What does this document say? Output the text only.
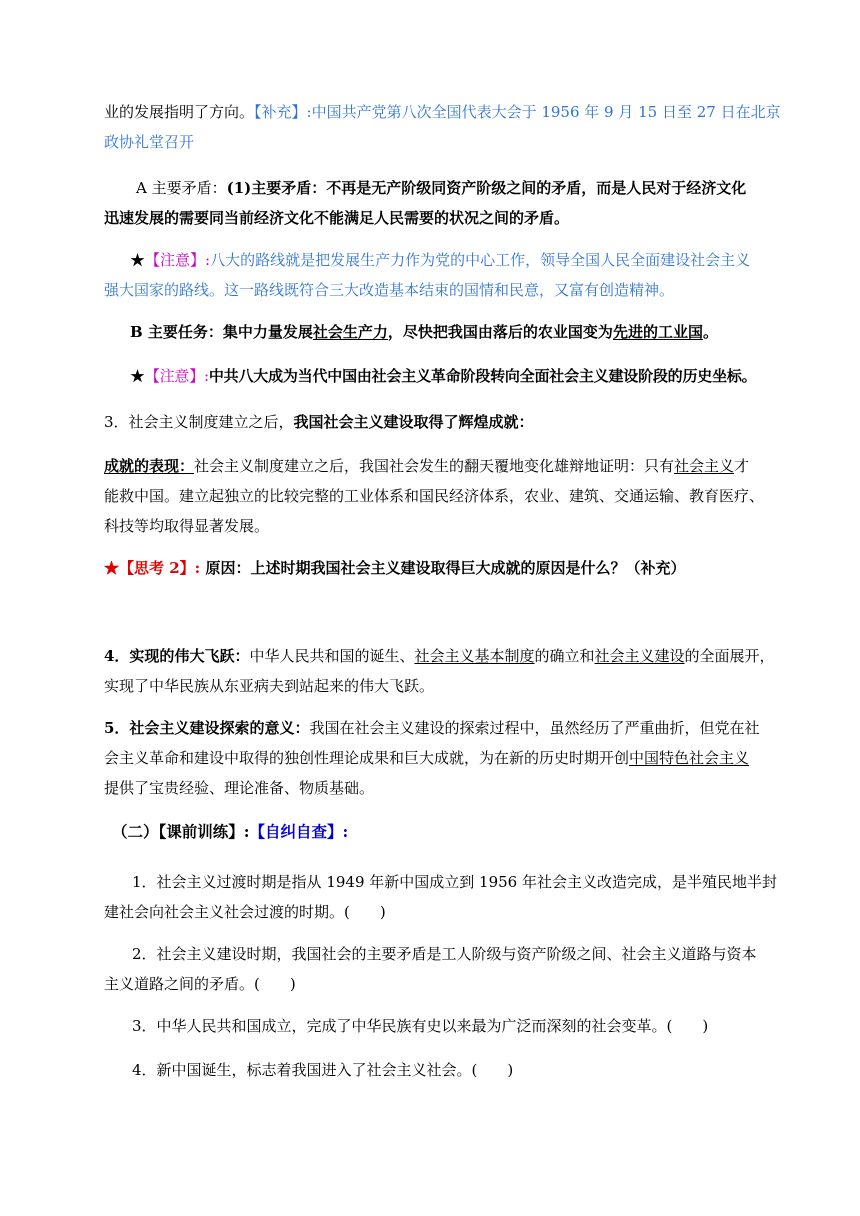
业的发展指明了方向。【补充】:中国共产党第八次全国代表大会于 1956 年 9 月 15 日至 27 日在北京
政协礼堂召开
A 主要矛盾：(1)主要矛盾：不再是无产阶级同资产阶级之间的矛盾，而是人民对于经济文化
迅速发展的需要同当前经济文化不能满足人民需要的状况之间的矛盾。
★【注意】:八大的路线就是把发展生产力作为党的中心工作，领导全国人民全面建设社会主义
强大国家的路线。这一路线既符合三大改造基本结束的国情和民意，又富有创造精神。
B 主要任务：集中力量发展社会生产力，尽快把我国由落后的农业国变为先进的工业国。
★【注意】:中共八大成为当代中国由社会主义革命阶段转向全面社会主义建设阶段的历史坐标。
3．社会主义制度建立之后，我国社会主义建设取得了辉煌成就：
成就的表现：社会主义制度建立之后，我国社会发生的翻天覆地变化雄辩地证明：只有社会主义才
能救中国。建立起独立的比较完整的工业体系和国民经济体系，农业、建筑、交通运输、教育医疗、
科技等均取得显著发展。
★【思考 2】: 原因：上述时期我国社会主义建设取得巨大成就的原因是什么？（补充）
4．实现的伟大飞跃：中华人民共和国的诞生、社会主义基本制度的确立和社会主义建设的全面展开，
实现了中华民族从东亚病夫到站起来的伟大飞跃。
5．社会主义建设探索的意义：我国在社会主义建设的探索过程中，虽然经历了严重曲折，但党在社
会主义革命和建设中取得的独创性理论成果和巨大成就，为在新的历史时期开创中国特色社会主义
提供了宝贵经验、理论准备、物质基础。
（二）【课前训练】:【自纠自查】:
1．社会主义过渡时期是指从 1949 年新中国成立到 1956 年社会主义改造完成，是半殖民地半封
建社会向社会主义社会过渡的时期。(　　)
2．社会主义建设时期，我国社会的主要矛盾是工人阶级与资产阶级之间、社会主义道路与资本
主义道路之间的矛盾。(　　)
3．中华人民共和国成立，完成了中华民族有史以来最为广泛而深刻的社会变革。(　　)
4．新中国诞生，标志着我国进入了社会主义社会。(　　)
